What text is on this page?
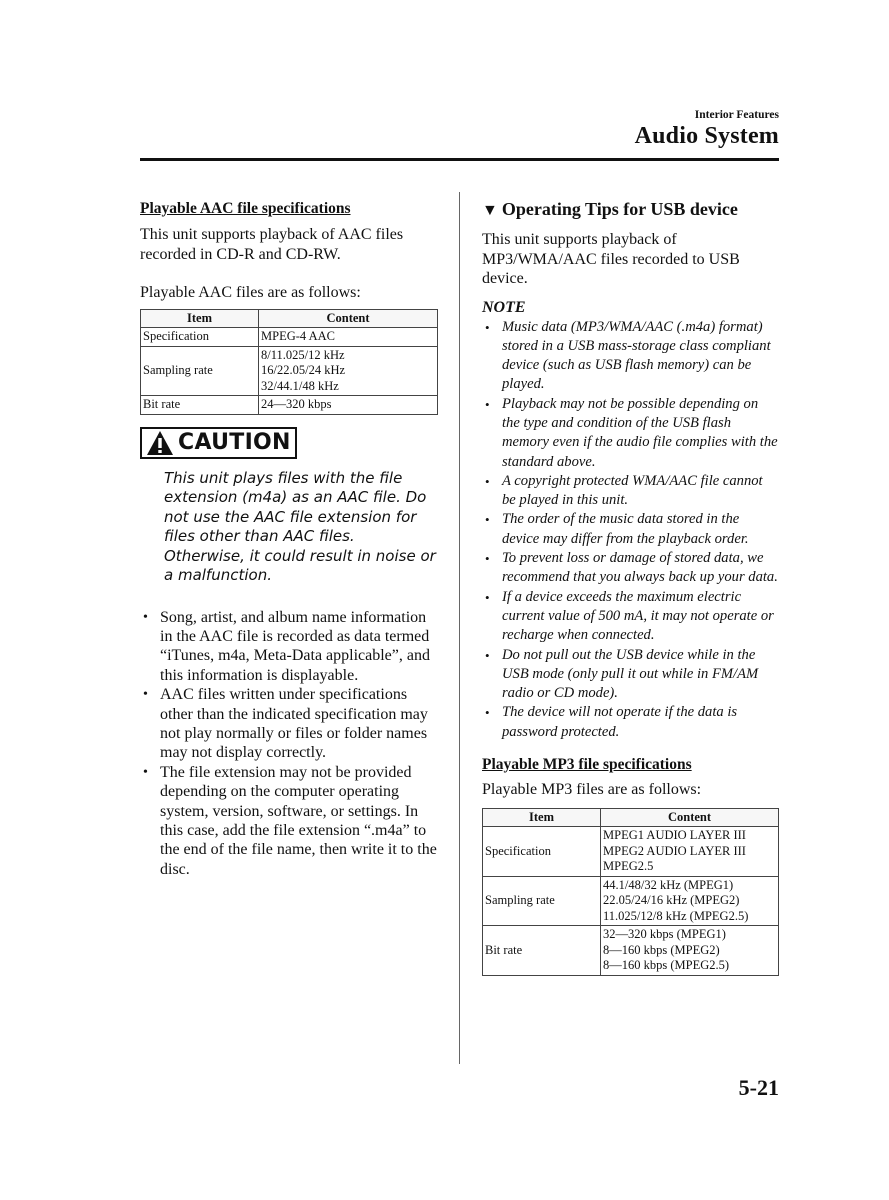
Interior Features
Audio System
Playable AAC file specifications
This unit supports playback of AAC files recorded in CD-R and CD-RW.
Playable AAC files are as follows:
Item	Content
Specification	MPEG-4 AAC

Sampling rate	8/11.025/12 kHz
16/22.05/24 kHz
32/44.1/48 kHz

Bit rate	24—320 kbps
CAUTION
This unit plays files with the file extension (m4a) as an AAC file. Do not use the AAC file extension for files other than AAC files. Otherwise, it could result in noise or a malfunction.
• Song, artist, and album name information in the AAC file is recorded as data termed “iTunes, m4a, Meta-Data applicable”, and this information is displayable.
• AAC files written under specifications other than the indicated specification may not play normally or files or folder names may not display correctly.
• The file extension may not be provided depending on the computer operating system, version, software, or settings. In this case, add the file extension “.m4a” to the end of the file name, then write it to the disc.
▼ Operating Tips for USB device
This unit supports playback of MP3/WMA/AAC files recorded to USB device.
NOTE
• Music data (MP3/WMA/AAC (.m4a) format) stored in a USB mass-storage class compliant device (such as USB flash memory) can be played.
• Playback may not be possible depending on the type and condition of the USB flash memory even if the audio file complies with the standard above.
• A copyright protected WMA/AAC file cannot be played in this unit.
• The order of the music data stored in the device may differ from the playback order.
• To prevent loss or damage of stored data, we recommend that you always back up your data.
• If a device exceeds the maximum electric current value of 500 mA, it may not operate or recharge when connected.
• Do not pull out the USB device while in the USB mode (only pull it out while in FM/AM radio or CD mode).
• The device will not operate if the data is password protected.
Playable MP3 file specifications
Playable MP3 files are as follows:
Item	Content
Specification	MPEG1 AUDIO LAYER III
MPEG2 AUDIO LAYER III
MPEG2.5

Sampling rate	44.1/48/32 kHz (MPEG1)
22.05/24/16 kHz (MPEG2)
11.025/12/8 kHz (MPEG2.5)

Bit rate	32—320 kbps (MPEG1)
8—160 kbps (MPEG2)
8—160 kbps (MPEG2.5)
5-21
